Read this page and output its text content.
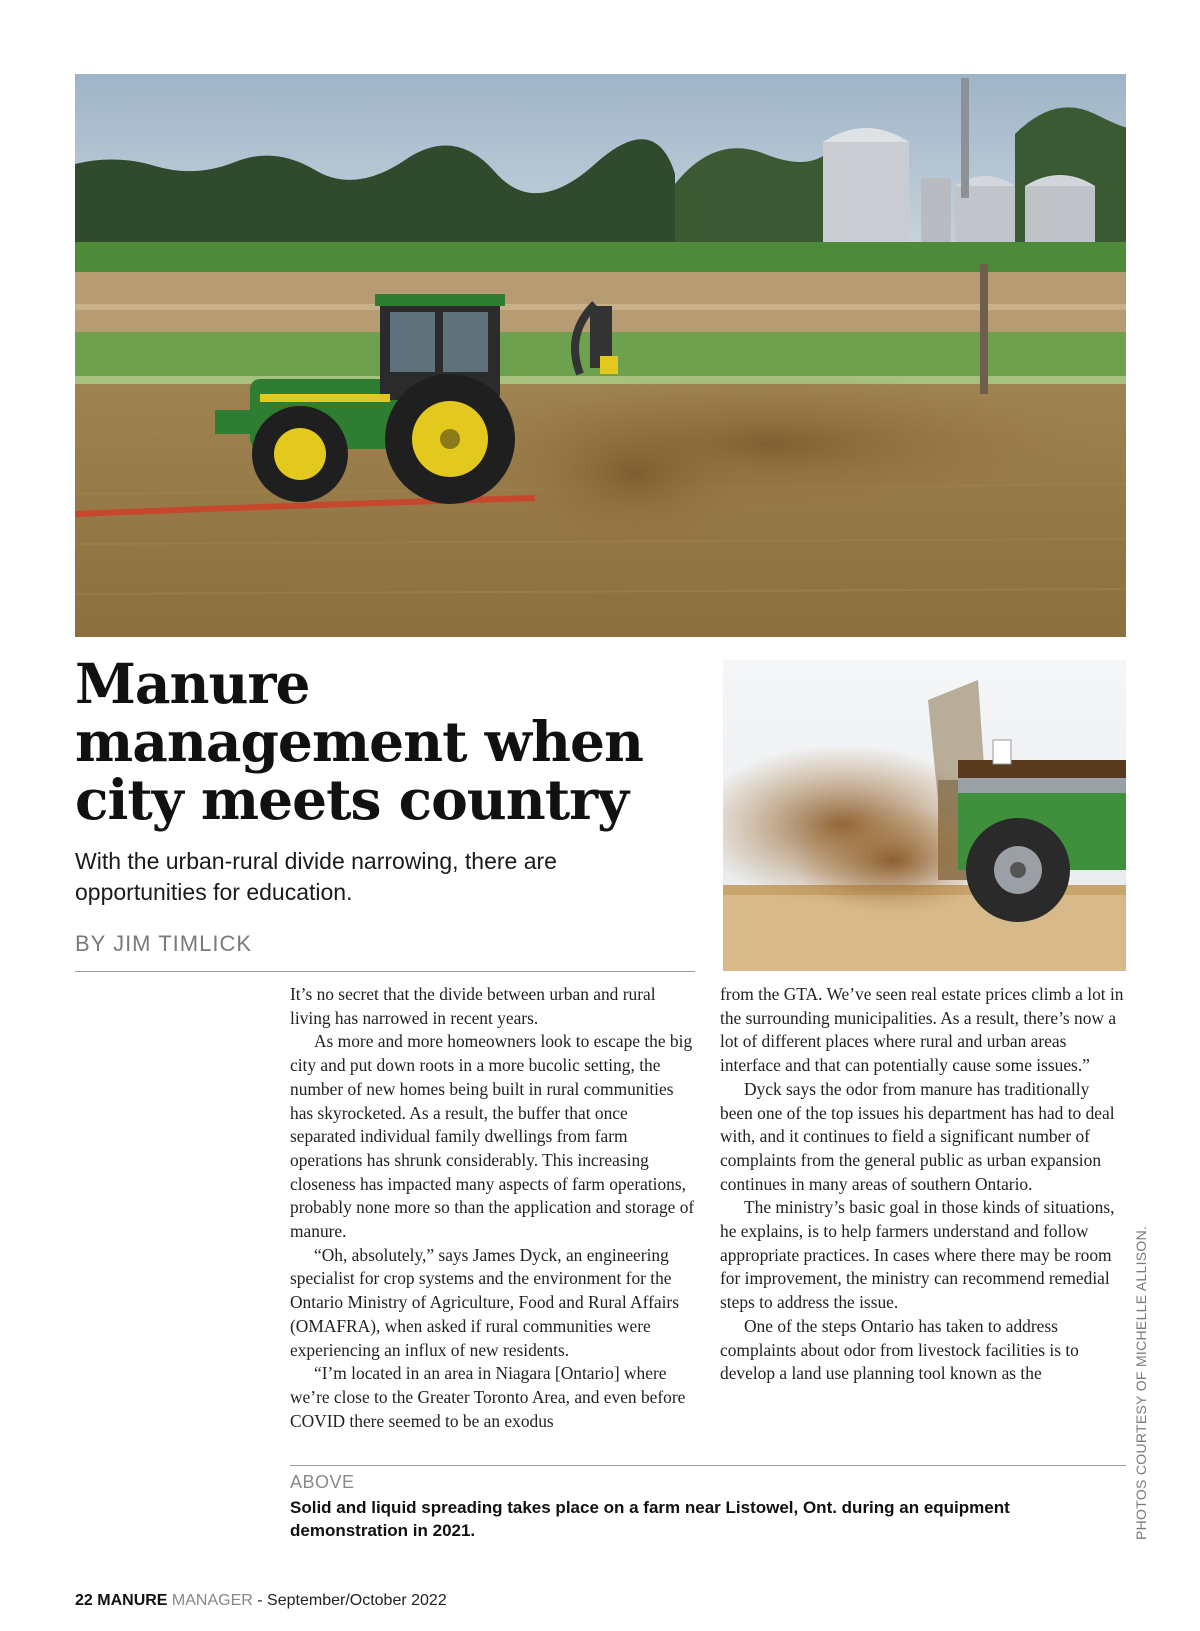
Manure management when city meets country

With the urban-rural divide narrowing, there are opportunities for education.

BY JIM TIMLICK

It’s no secret that the divide between urban and rural living has narrowed in recent years.

As more and more homeowners look to escape the big city and put down roots in a more bucolic setting, the number of new homes being built in rural communities has skyrocketed. As a result, the buffer that once separated individual family dwellings from farm operations has shrunk considerably. This increasing closeness has impacted many aspects of farm operations, probably none more so than the application and storage of manure.

“Oh, absolutely,” says James Dyck, an engineering specialist for crop systems and the environment for the Ontario Ministry of Agriculture, Food and Rural Affairs (OMAFRA), when asked if rural communities were experiencing an influx of new residents.

“I’m located in an area in Niagara [Ontario] where we’re close to the Greater Toronto Area, and even before COVID there seemed to be an exodus

from the GTA. We’ve seen real estate prices climb a lot in the surrounding municipalities. As a result, there’s now a lot of different places where rural and urban areas interface and that can potentially cause some issues.”

Dyck says the odor from manure has traditionally been one of the top issues his department has had to deal with, and it continues to field a significant number of complaints from the general public as urban expansion continues in many areas of southern Ontario.

The ministry’s basic goal in those kinds of situations, he explains, is to help farmers understand and follow appropriate practices. In cases where there may be room for improvement, the ministry can recommend remedial steps to address the issue.

One of the steps Ontario has taken to address complaints about odor from livestock facilities is to develop a land use planning tool known as the

ABOVE
Solid and liquid spreading takes place on a farm near Listowel, Ont. during an equipment demonstration in 2021.	PHOTOS COURTESY OF MICHELLE ALLISON.
22 MANURE MANAGER - September/October 2022
